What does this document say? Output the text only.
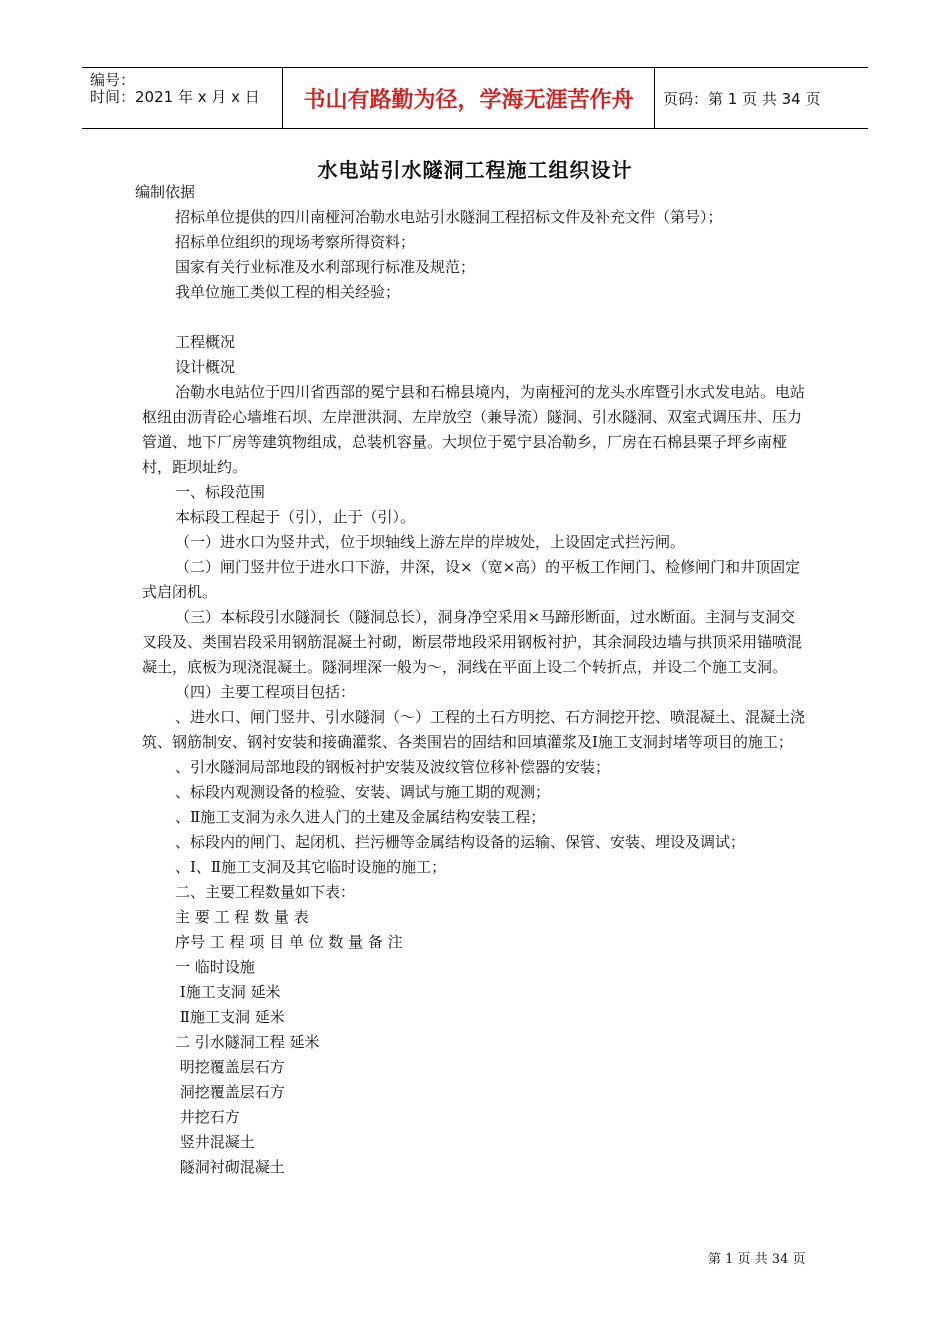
编号：
时间：2021 年 x 月 x 日	书山有路勤为径，学海无涯苦作舟	页码：第 1 页 共 34 页
水电站引水隧洞工程施工组织设计

编制依据

招标单位提供的四川南桠河冶勒水电站引水隧洞工程招标文件及补充文件（第号）；

招标单位组织的现场考察所得资料；

国家有关行业标准及水利部现行标准及规范；

我单位施工类似工程的相关经验；

工程概况

设计概况

冶勒水电站位于四川省西部的冕宁县和石棉县境内，为南桠河的龙头水库暨引水式发电站。电站枢纽由沥青砼心墙堆石坝、左岸泄洪洞、左岸放空（兼导流）隧洞、引水隧洞、双室式调压井、压力管道、地下厂房等建筑物组成，总装机容量。大坝位于冕宁县冶勒乡，厂房在石棉县栗子坪乡南桠村，距坝址约。

一、标段范围

本标段工程起于（引），止于（引）。

（一）进水口为竖井式，位于坝轴线上游左岸的岸坡处，上设固定式拦污闸。

（二）闸门竖井位于进水口下游，井深，设×（宽×高）的平板工作闸门、检修闸门和井顶固定式启闭机。

（三）本标段引水隧洞长（隧洞总长），洞身净空采用×马蹄形断面，过水断面。主洞与支洞交叉段及、类围岩段采用钢筋混凝土衬砌，断层带地段采用钢板衬护，其余洞段边墙与拱顶采用锚喷混凝土，底板为现浇混凝土。隧洞埋深一般为～，洞线在平面上设二个转折点，并设二个施工支洞。

（四）主要工程项目包括：

、进水口、闸门竖井、引水隧洞（～）工程的土石方明挖、石方洞挖开挖、喷混凝土、混凝土浇筑、钢筋制安、钢衬安装和接确灌浆、各类围岩的固结和回填灌浆及Ⅰ施工支洞封堵等项目的施工；

、引水隧洞局部地段的钢板衬护安装及波纹管位移补偿器的安装；

、标段内观测设备的检验、安装、调试与施工期的观测；

、Ⅱ施工支洞为永久进人门的土建及金属结构安装工程；

、标段内的闸门、起闭机、拦污栅等金属结构设备的运输、保管、安装、埋设及调试；

、Ⅰ、Ⅱ施工支洞及其它临时设施的施工；

二、主要工程数量如下表：

主 要 工 程 数 量 表

序号 工 程 项 目 单 位 数 量 备 注

一 临时设施

Ⅰ施工支洞 延米

Ⅱ施工支洞 延米

二 引水隧洞工程 延米

明挖覆盖层石方

洞挖覆盖层石方

井挖石方

竖井混凝土

隧洞衬砌混凝土

第 1 页 共 34 页
